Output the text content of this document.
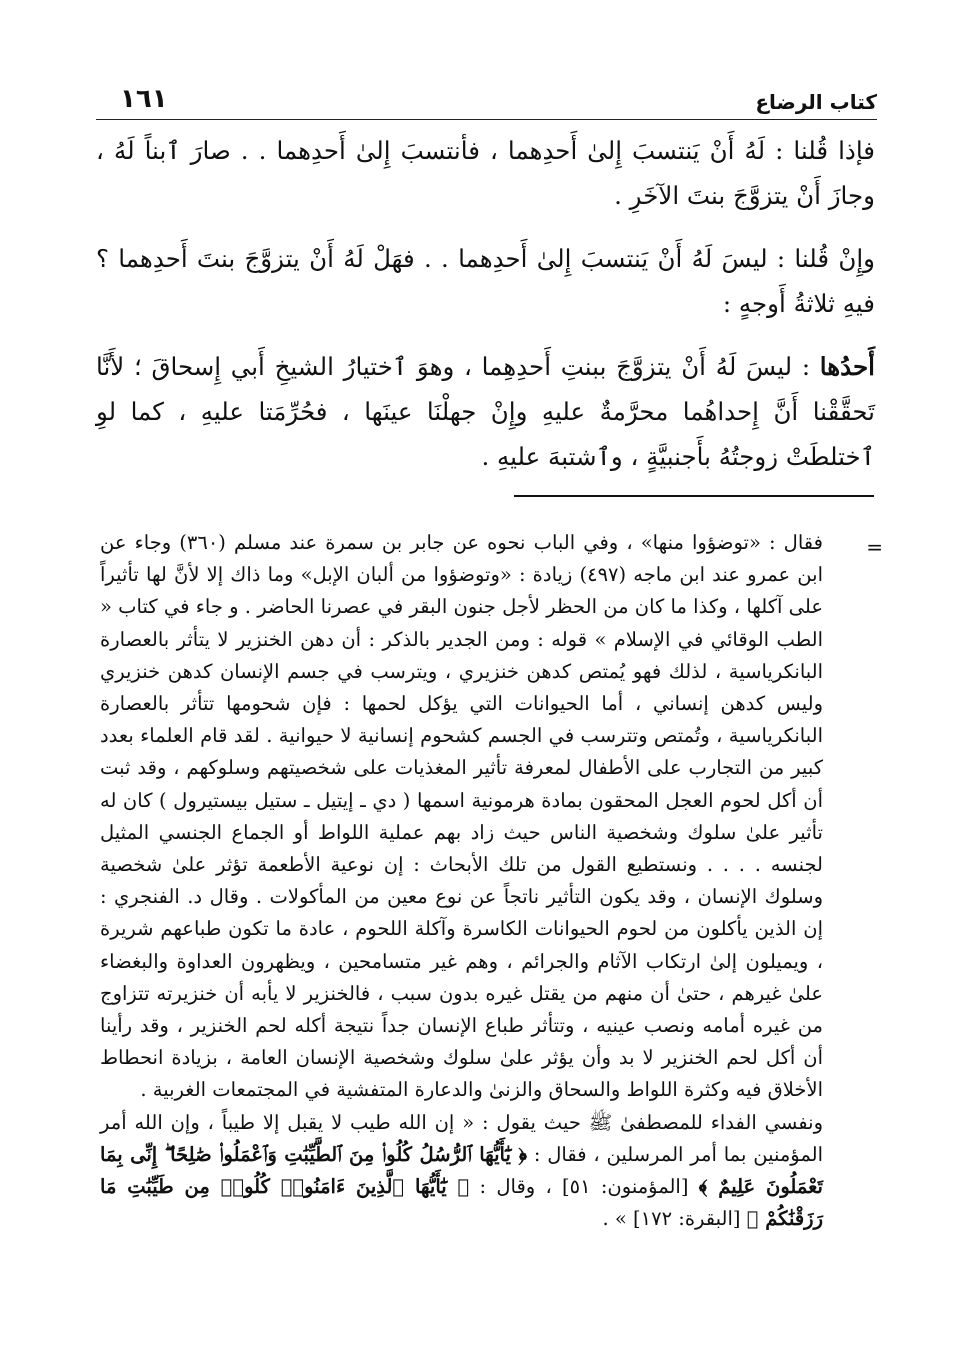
كتاب الرضاع
١٦١

فإذا قُلنا : لَهُ أَنْ يَنتسبَ إِلىٰ أَحدِهما ، فأنتسبَ إِلىٰ أَحدِهما . . صارَ ٱبناً لَهُ ، وجازَ أَنْ يتزوَّجَ بنتَ الآخَرِ .

وإِنْ قُلنا : ليسَ لَهُ أَنْ يَنتسبَ إِلىٰ أَحدِهما . . فهَلْ لَهُ أَنْ يتزوَّجَ بنتَ أَحدِهما ؟ فيهِ ثلاثةُ أَوجهٍ :

أَحدُها : ليسَ لَهُ أَنْ يتزوَّجَ ببنتِ أَحدِهِما ، وهوَ ٱختيارُ الشيخِ أَبي إِسحاقَ ؛ لأَنَّا تَحقَّقْنا أَنَّ إِحداهُما محرَّمةٌ عليهِ وإِنْ جهلْنَا عينَها ، فحُرِّمَتا عليهِ ، كما لوِ ٱختلطَتْ زوجتُهُ بأَجنبيَّةٍ ، وٱشتبهَ عليهِ .

=

فقال : «توضؤوا منها» ، وفي الباب نحوه عن جابر بن سمرة عند مسلم (٣٦٠) وجاء عن ابن عمرو عند ابن ماجه (٤٩٧) زيادة : «وتوضؤوا من ألبان الإبل» وما ذاك إلا لأنَّ لها تأثيراً على آكلها ، وكذا ما كان من الحظر لأجل جنون البقر في عصرنا الحاضر . و جاء في كتاب « الطب الوقائي في الإسلام » قوله : ومن الجدير بالذكر : أن دهن الخنزير لا يتأثر بالعصارة البانكرياسية ، لذلك فهو يُمتص كدهن خنزيري ، ويترسب في جسم الإنسان كدهن خنزيري وليس كدهن إنساني ، أما الحيوانات التي يؤكل لحمها : فإن شحومها تتأثر بالعصارة البانكرياسية ، وتُمتص وتترسب في الجسم كشحوم إنسانية لا حيوانية . لقد قام العلماء بعدد كبير من التجارب على الأطفال لمعرفة تأثير المغذيات على شخصيتهم وسلوكهم ، وقد ثبت أن أكل لحوم العجل المحقون بمادة هرمونية اسمها ( دي ـ إيتيل ـ ستيل بيستيرول ) كان له تأثير علىٰ سلوك وشخصية الناس حيث زاد بهم عملية اللواط أو الجماع الجنسي المثيل لجنسه . . . . ونستطيع القول من تلك الأبحاث : إن نوعية الأطعمة تؤثر علىٰ شخصية وسلوك الإنسان ، وقد يكون التأثير ناتجاً عن نوع معين من المأكولات . وقال د. الفنجري : إن الذين يأكلون من لحوم الحيوانات الكاسرة وآكلة اللحوم ، عادة ما تكون طباعهم شريرة ، ويميلون إلىٰ ارتكاب الآثام والجرائم ، وهم غير متسامحين ، ويظهرون العداوة والبغضاء علىٰ غيرهم ، حتىٰ أن منهم من يقتل غيره بدون سبب ، فالخنزير لا يأبه أن خنزيرته تتزاوج من غيره أمامه ونصب عينيه ، وتتأثر طباع الإنسان جداً نتيجة أكله لحم الخنزير ، وقد رأينا أن أكل لحم الخنزير لا بد وأن يؤثر علىٰ سلوك وشخصية الإنسان العامة ، بزيادة انحطاط الأخلاق فيه وكثرة اللواط والسحاق والزنىٰ والدعارة المتفشية في المجتمعات الغربية .

ونفسي الفداء للمصطفىٰ ﷺ حيث يقول : « إن الله طيب لا يقبل إلا طيباً ، وإن الله أمر المؤمنين بما أمر المرسلين ، فقال : ﴿ يَٰٓأَيُّهَا ٱلرُّسُلُ كُلُوا۟ مِنَ ٱلطَّيِّبَٰتِ وَٱعْمَلُوا۟ صَٰلِحًا ۖ إِنِّى بِمَا تَعْمَلُونَ عَلِيمٌ ﴾ [المؤمنون: ٥١] ، وقال : ﴿ يَٰٓأَيُّهَا ٱلَّذِينَ ءَامَنُوا۟ كُلُوا۟ مِن طَيِّبَٰتِ مَا رَزَقْنَٰكُمْ ﴾ [البقرة: ١٧٢] » .
